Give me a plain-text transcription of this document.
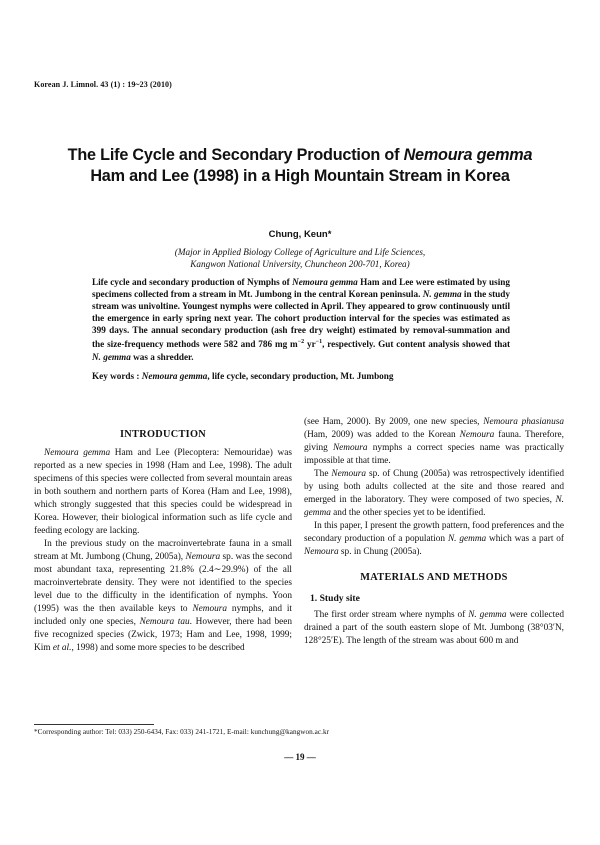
Korean J. Limnol. 43 (1) : 19~23 (2010)
The Life Cycle and Secondary Production of Nemoura gemma
Ham and Lee (1998) in a High Mountain Stream in Korea
Chung, Keun*
(Major in Applied Biology College of Agriculture and Life Sciences,
Kangwon National University, Chuncheon 200-701, Korea)
Life cycle and secondary production of Nymphs of Nemoura gemma Ham and Lee were estimated by using specimens collected from a stream in Mt. Jumbong in the central Korean peninsula. N. gemma in the study stream was univoltine. Youngest nymphs were collected in April. They appeared to grow continuously until the emergence in early spring next year. The cohort production interval for the species was estimated as 399 days. The annual secondary production (ash free dry weight) estimated by removal-summation and the size-frequency methods were 582 and 786 mg $m^{-2}$ $yr^{-1}$, respectively. Gut content analysis showed that N. gemma was a shredder.
Key words : Nemoura gemma, life cycle, secondary production, Mt. Jumbong
INTRODUCTION

Nemoura gemma Ham and Lee (Plecoptera: Nemouridae) was reported as a new species in 1998 (Ham and Lee, 1998). The adult specimens of this species were collected from several mountain areas in both southern and northern parts of Korea (Ham and Lee, 1998), which strongly suggested that this species could be widespread in Korea. However, their biological information such as life cycle and feeding ecology are lacking.

In the previous study on the macroinvertebrate fauna in a small stream at Mt. Jumbong (Chung, 2005a), Nemoura sp. was the second most abundant taxa, representing 21.8% (2.4∼29.9%) of the all macroinvertebrate density. They were not identified to the species level due to the difficulty in the identification of nymphs. Yoon (1995) was the then available keys to Nemoura nymphs, and it included only one species, Nemoura tau. However, there had been five recognized species (Zwick, 1973; Ham and Lee, 1998, 1999; Kim et al., 1998) and some more species to be described

(see Ham, 2000). By 2009, one new species, Nemoura phasianusa (Ham, 2009) was added to the Korean Nemoura fauna. Therefore, giving Nemoura nymphs a correct species name was practically impossible at that time.

The Nemoura sp. of Chung (2005a) was retrospectively identified by using both adults collected at the site and those reared and emerged in the laboratory. They were composed of two species, N. gemma and the other species yet to be identified.

In this paper, I present the growth pattern, food preferences and the secondary production of a population N. gemma which was a part of Nemoura sp. in Chung (2005a).

MATERIALS AND METHODS
1. Study site

The first order stream where nymphs of N. gemma were collected drained a part of the south eastern slope of Mt. Jumbong (38°03′N, 128°25′E). The length of the stream was about 600 m and

*Corresponding author: Tel: 033) 250-6434, Fax: 033) 241-1721, E-mail: kunchung@kangwon.ac.kr
— 19 —
